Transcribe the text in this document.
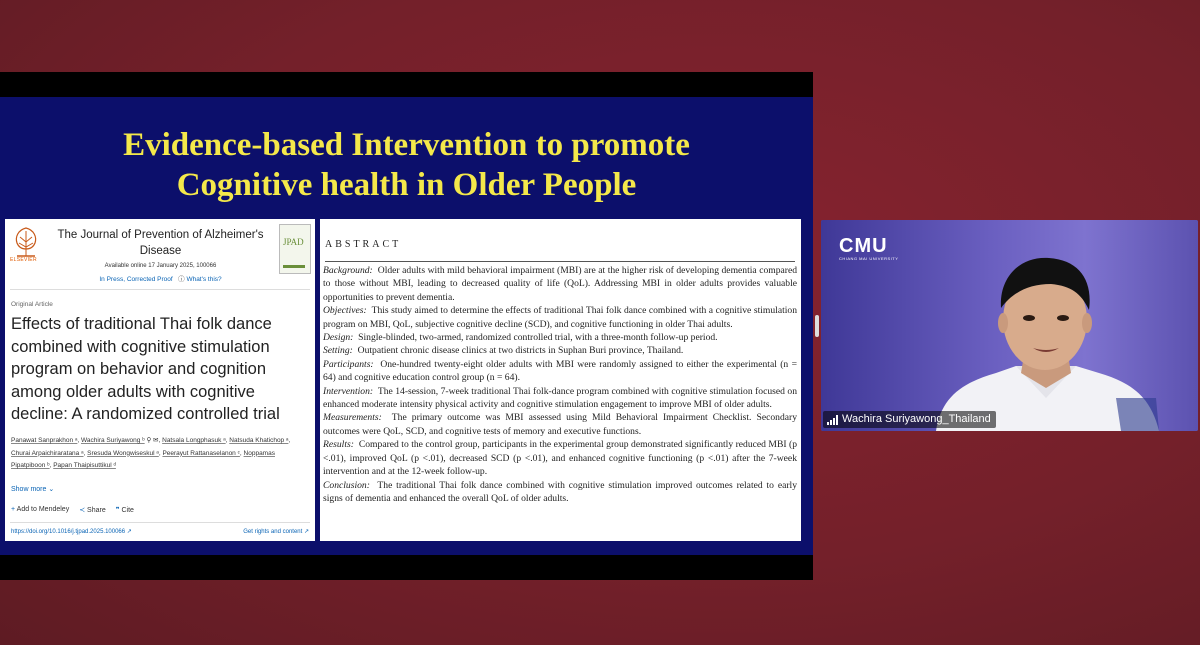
Evidence-based Intervention to promote
Cognitive health in Older People
ELSEVIER
The Journal of Prevention of Alzheimer's Disease
Available online 17 January 2025, 100066
In Press, Corrected Proof ⓘ What's this?
JPAD
Original Article
Effects of traditional Thai folk dance combined with cognitive stimulation program on behavior and cognition among older adults with cognitive decline: A randomized controlled trial
Panawat Sanprakhon ᵃ, Wachira Suriyawong ᵇ ⚲ ✉, Natsala Longphasuk ᵃ, Natsuda Khatichop ᵃ, Churai Arpaichiraratana ᵃ, Sresuda Wongwiseskul ᵃ, Peerayut Rattanaselanon ᶜ, Noppamas Pipatpiboon ᵇ, Papan Thaipisuttikul ᵈ
Show more ⌄
+ Add to Mendeley ≺ Share ❞ Cite
https://doi.org/10.1016/j.tjpad.2025.100066 ↗	Get rights and content ↗
ABSTRACT

Background: Older adults with mild behavioral impairment (MBI) are at the higher risk of developing dementia compared to those without MBI, leading to decreased quality of life (QoL). Addressing MBI in older adults provides valuable opportunities to prevent dementia.

Objectives: This study aimed to determine the effects of traditional Thai folk dance combined with a cognitive stimulation program on MBI, QoL, subjective cognitive decline (SCD), and cognitive functioning in older Thai adults.

Design: Single-blinded, two-armed, randomized controlled trial, with a three-month follow-up period.

Setting: Outpatient chronic disease clinics at two districts in Suphan Buri province, Thailand.

Participants: One-hundred twenty-eight older adults with MBI were randomly assigned to either the experimental (n = 64) and cognitive education control group (n = 64).

Intervention: The 14-session, 7-week traditional Thai folk-dance program combined with cognitive stimulation focused on enhanced moderate intensity physical activity and cognitive stimulation engagement to improve MBI of older adults.

Measurements: The primary outcome was MBI assessed using Mild Behavioral Impairment Checklist. Secondary outcomes were QoL, SCD, and cognitive tests of memory and executive functions.

Results: Compared to the control group, participants in the experimental group demonstrated significantly reduced MBI (p <.01), improved QoL (p <.01), decreased SCD (p <.01), and enhanced cognitive functioning (p <.01) after the 7-week intervention and at the 12-week follow-up.

Conclusion: The traditional Thai folk dance combined with cognitive stimulation improved outcomes related to early signs of dementia and enhanced the overall QoL of older adults.

CMU
CHIANG MAI UNIVERSITY
Wachira Suriyawong_Thailand
